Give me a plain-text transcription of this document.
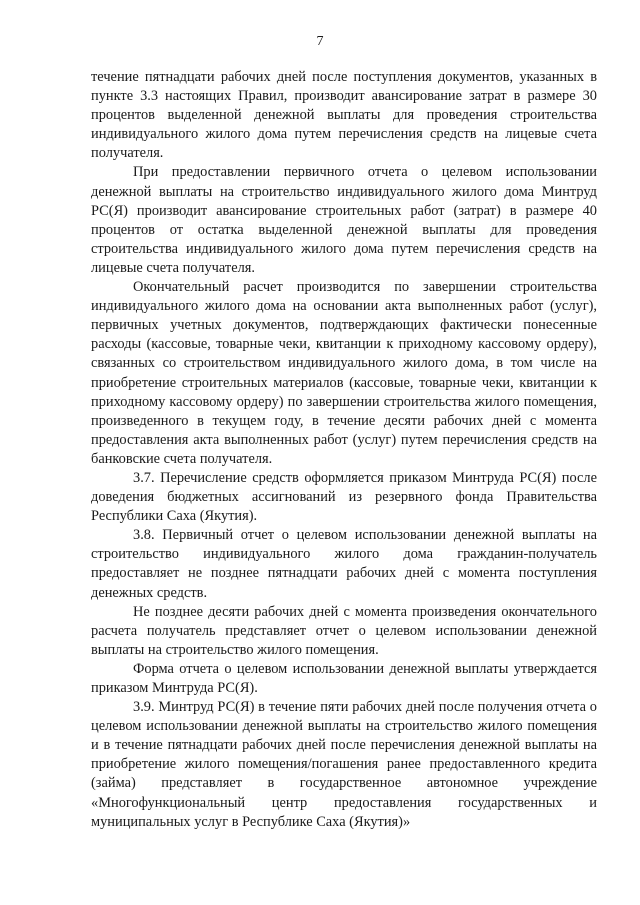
7

течение пятнадцати рабочих дней после поступления документов, указанных в пункте 3.3 настоящих Правил, производит авансирование затрат в размере 30 процентов выделенной денежной выплаты для проведения строительства индивидуального жилого дома путем перечисления средств на лицевые счета получателя.

При предоставлении первичного отчета о целевом использовании денежной выплаты на строительство индивидуального жилого дома Минтруд РС(Я) производит авансирование строительных работ (затрат) в размере 40 процентов от остатка выделенной денежной выплаты для проведения строительства индивидуального жилого дома путем перечисления средств на лицевые счета получателя.

Окончательный расчет производится по завершении строительства индивидуального жилого дома на основании акта выполненных работ (услуг), первичных учетных документов, подтверждающих фактически понесенные расходы (кассовые, товарные чеки, квитанции к приходному кассовому ордеру), связанных со строительством индивидуального жилого дома, в том числе на приобретение строительных материалов (кассовые, товарные чеки, квитанции к приходному кассовому ордеру) по завершении строительства жилого помещения, произведенного в текущем году, в течение десяти рабочих дней с момента предоставления акта выполненных работ (услуг) путем перечисления средств на банковские счета получателя.

3.7. Перечисление средств оформляется приказом Минтруда РС(Я) после доведения бюджетных ассигнований из резервного фонда Правительства Республики Саха (Якутия).

3.8. Первичный отчет о целевом использовании денежной выплаты на строительство индивидуального жилого дома гражданин-получатель предоставляет не позднее пятнадцати рабочих дней с момента поступления денежных средств.

Не позднее десяти рабочих дней с момента произведения окончательного расчета получатель представляет отчет о целевом использовании денежной выплаты на строительство жилого помещения.

Форма отчета о целевом использовании денежной выплаты утверждается приказом Минтруда РС(Я).

3.9. Минтруд РС(Я) в течение пяти рабочих дней после получения отчета о целевом использовании денежной выплаты на строительство жилого помещения и в течение пятнадцати рабочих дней после перечисления денежной выплаты на приобретение жилого помещения/погашения ранее предоставленного кредита (займа) представляет в государственное автономное учреждение «Многофункциональный центр предоставления государственных и муниципальных услуг в Республике Саха (Якутия)»
